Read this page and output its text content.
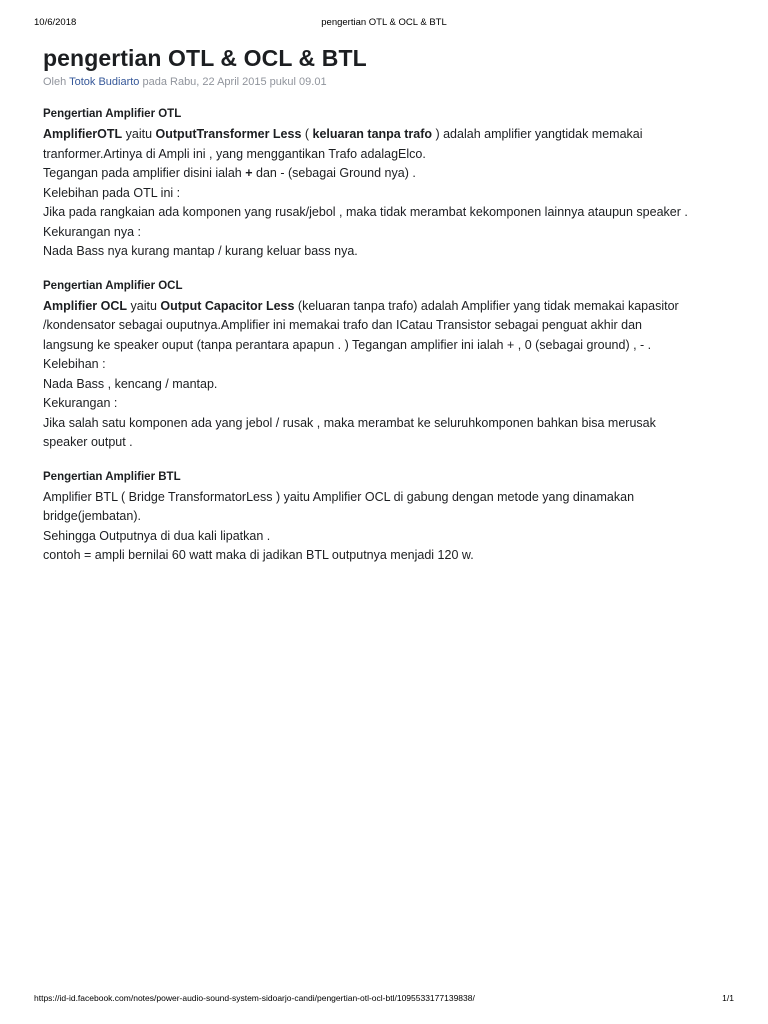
10/6/2018	pengertian OTL & OCL & BTL
pengertian OTL & OCL & BTL
Oleh Totok Budiarto pada Rabu, 22 April 2015 pukul 09.01
Pengertian Amplifier OTL

AmplifierOTL yaitu OutputTransformer Less ( keluaran tanpa trafo ) adalah amplifier yangtidak memakai

tranformer.Artinya di Ampli ini , yang menggantikan Trafo adalagElco.

Tegangan pada amplifier disini ialah + dan - (sebagai Ground nya) .

Kelebihan pada OTL ini :

Jika pada rangkaian ada komponen yang rusak/jebol , maka tidak merambat kekomponen lainnya ataupun speaker .

Kekurangan nya :

Nada Bass nya kurang mantap / kurang keluar bass nya.

Pengertian Amplifier OCL

Amplifier OCL yaitu Output Capacitor Less (keluaran tanpa trafo) adalah Amplifier yang tidak memakai kapasitor

/kondensator sebagai ouputnya.Amplifier ini memakai trafo dan ICatau Transistor sebagai penguat akhir dan

langsung ke speaker ouput (tanpa perantara apapun . ) Tegangan amplifier ini ialah + , 0 (sebagai ground) , - .

Kelebihan :

Nada Bass , kencang / mantap.

Kekurangan :

Jika salah satu komponen ada yang jebol / rusak , maka merambat ke seluruhkomponen bahkan bisa merusak

speaker output .

Pengertian Amplifier BTL

Amplifier BTL ( Bridge TransformatorLess ) yaitu Amplifier OCL di gabung dengan metode yang dinamakan

bridge(jembatan).

Sehingga Outputnya di dua kali lipatkan .

contoh = ampli bernilai 60 watt maka di jadikan BTL outputnya menjadi 120 w.

https://id-id.facebook.com/notes/power-audio-sound-system-sidoarjo-candi/pengertian-otl-ocl-btl/1095533177139838/	1/1
